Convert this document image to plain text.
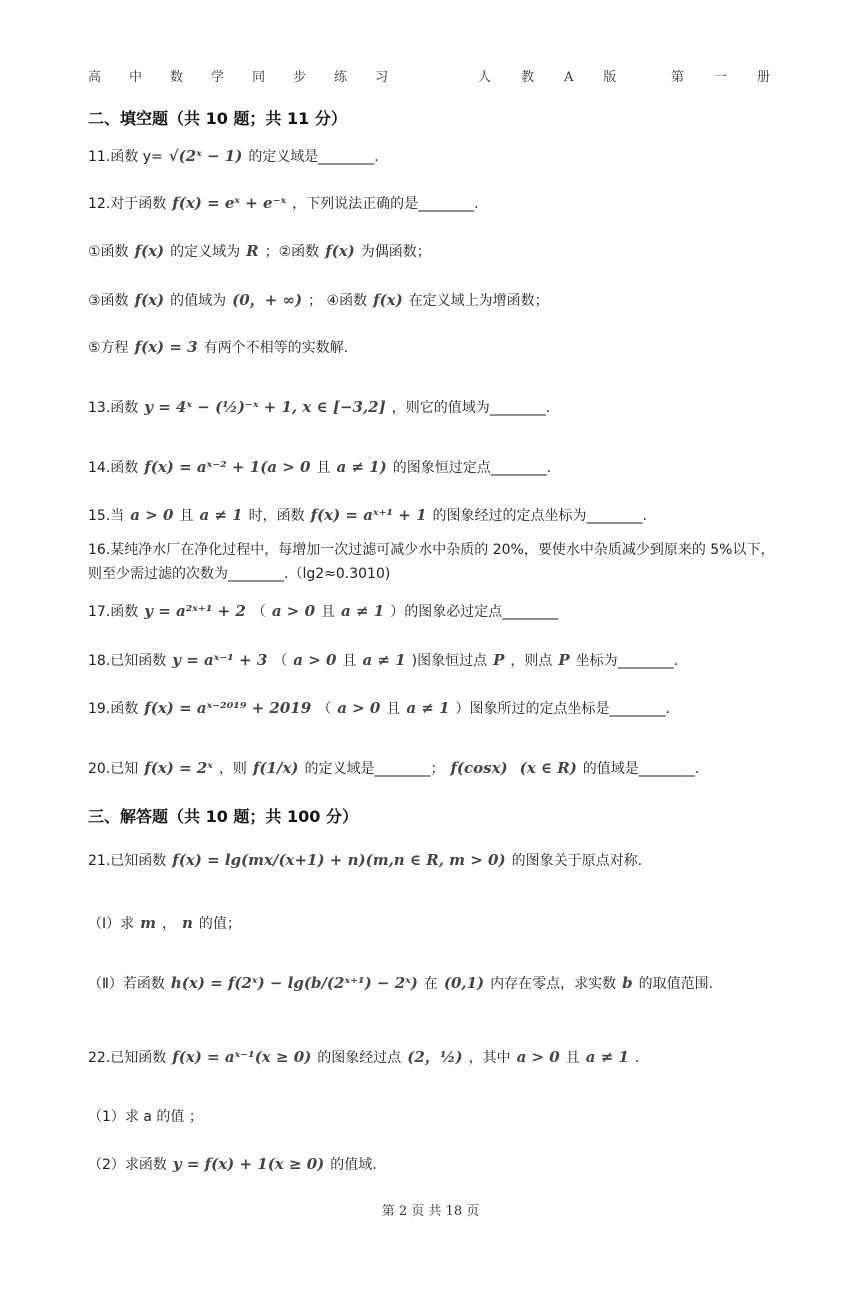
高 中 数 学 同 步 练 习	人 教 A 版	第 一 册
二、填空题（共 10 题；共 11 分）
11.函数 y= √(2ˣ − 1) 的定义域是________.
12.对于函数 f(x) = eˣ + e⁻ˣ ，下列说法正确的是________.
①函数 f(x) 的定义域为 R ；②函数 f(x) 为偶函数；
③函数 f(x) 的值域为 (0，+ ∞) ； ④函数 f(x) 在定义域上为增函数；
⑤方程 f(x) = 3 有两个不相等的实数解.
13.函数 y = 4ˣ − (½)⁻ˣ + 1, x ∈ [−3,2] ，则它的值域为________.
14.函数 f(x) = aˣ⁻² + 1(a > 0 且 a ≠ 1) 的图象恒过定点________.
15.当 a > 0 且 a ≠ 1 时，函数 f(x) = aˣ⁺¹ + 1 的图象经过的定点坐标为________.
16.某纯净水厂在净化过程中，每增加一次过滤可减少水中杂质的 20%，要使水中杂质减少到原来的 5%以下，则至少需过滤的次数为________.（lg2≈0.3010)
17.函数 y = a²ˣ⁺¹ + 2 （ a > 0 且 a ≠ 1 ）的图象必过定点________
18.已知函数 y = aˣ⁻¹ + 3 （ a > 0 且 a ≠ 1 )图象恒过点 P ，则点 P 坐标为________.
19.函数 f(x) = aˣ⁻²⁰¹⁹ + 2019 （ a > 0 且 a ≠ 1 ）图象所过的定点坐标是________.
20.已知 f(x) = 2ˣ ，则 f(1/x) 的定义域是________； f(cosx) (x ∈ R) 的值域是________.
三、解答题（共 10 题；共 100 分）
21.已知函数 f(x) = lg(mx/(x+1) + n)(m,n ∈ R, m > 0) 的图象关于原点对称.
（Ⅰ）求 m ， n 的值；
（Ⅱ）若函数 h(x) = f(2ˣ) − lg(b/(2ˣ⁺¹) − 2ˣ) 在 (0,1) 内存在零点，求实数 b 的取值范围.
22.已知函数 f(x) = aˣ⁻¹(x ≥ 0) 的图象经过点 (2，½) ，其中 a > 0 且 a ≠ 1 .
（1）求 a 的值 ；
（2）求函数 y = f(x) + 1(x ≥ 0) 的值域.
第 2 页 共 18 页
